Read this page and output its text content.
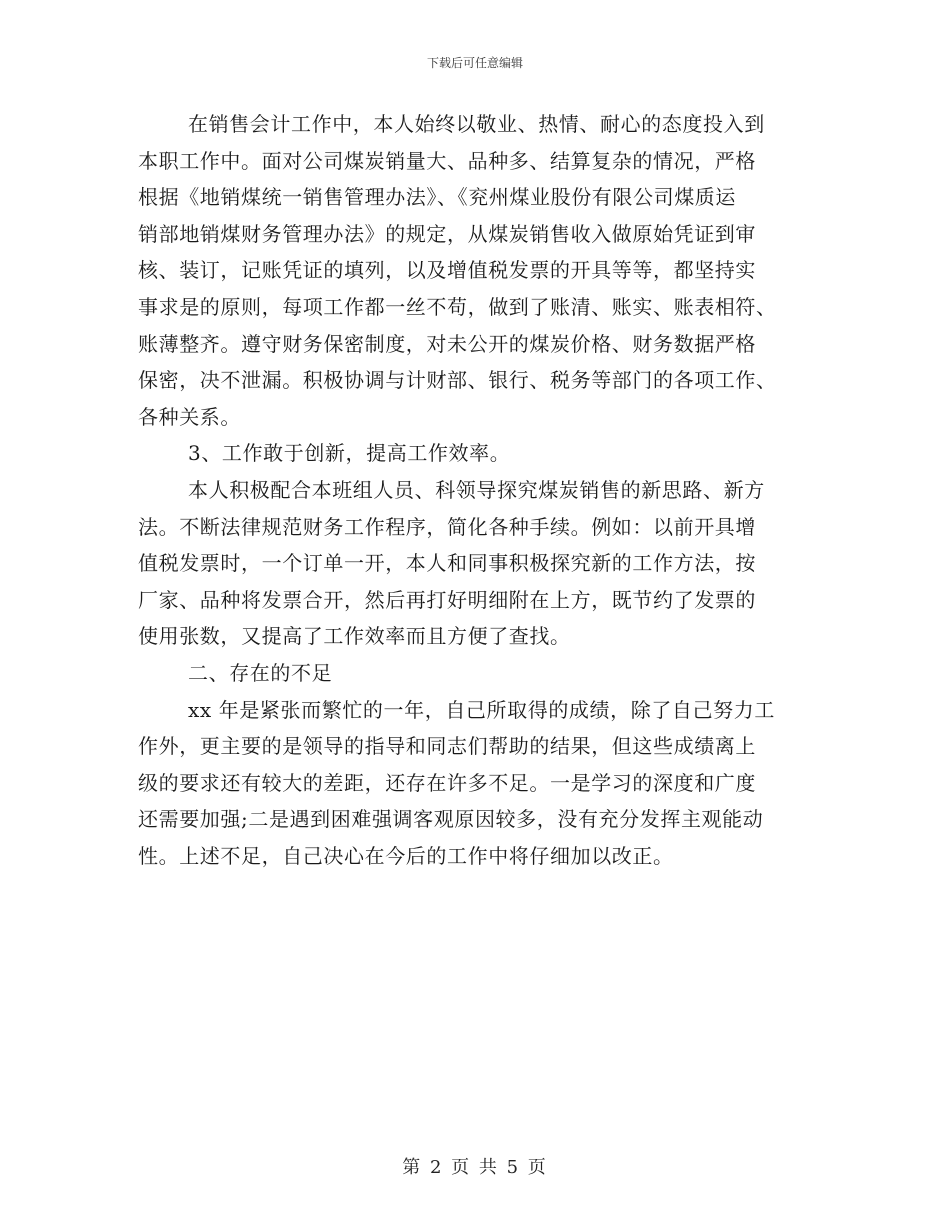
下载后可任意编辑
在销售会计工作中，本人始终以敬业、热情、耐心的态度投入到
本职工作中。面对公司煤炭销量大、品种多、结算复杂的情况，严格
根据《地销煤统一销售管理办法》、《兖州煤业股份有限公司煤质运
销部地销煤财务管理办法》的规定，从煤炭销售收入做原始凭证到审
核、装订，记账凭证的填列，以及增值税发票的开具等等，都坚持实
事求是的原则，每项工作都一丝不苟，做到了账清、账实、账表相符、
账薄整齐。遵守财务保密制度，对未公开的煤炭价格、财务数据严格
保密，决不泄漏。积极协调与计财部、银行、税务等部门的各项工作、
各种关系。
3、工作敢于创新，提高工作效率。
本人积极配合本班组人员、科领导探究煤炭销售的新思路、新方
法。不断法律规范财务工作程序，简化各种手续。例如：以前开具增
值税发票时，一个订单一开，本人和同事积极探究新的工作方法，按
厂家、品种将发票合开，然后再打好明细附在上方，既节约了发票的
使用张数，又提高了工作效率而且方便了查找。
二、存在的不足
xx 年是紧张而繁忙的一年，自己所取得的成绩，除了自己努力工
作外，更主要的是领导的指导和同志们帮助的结果，但这些成绩离上
级的要求还有较大的差距，还存在许多不足。一是学习的深度和广度
还需要加强;二是遇到困难强调客观原因较多，没有充分发挥主观能动
性。上述不足，自己决心在今后的工作中将仔细加以改正。
第 2 页 共 5 页
